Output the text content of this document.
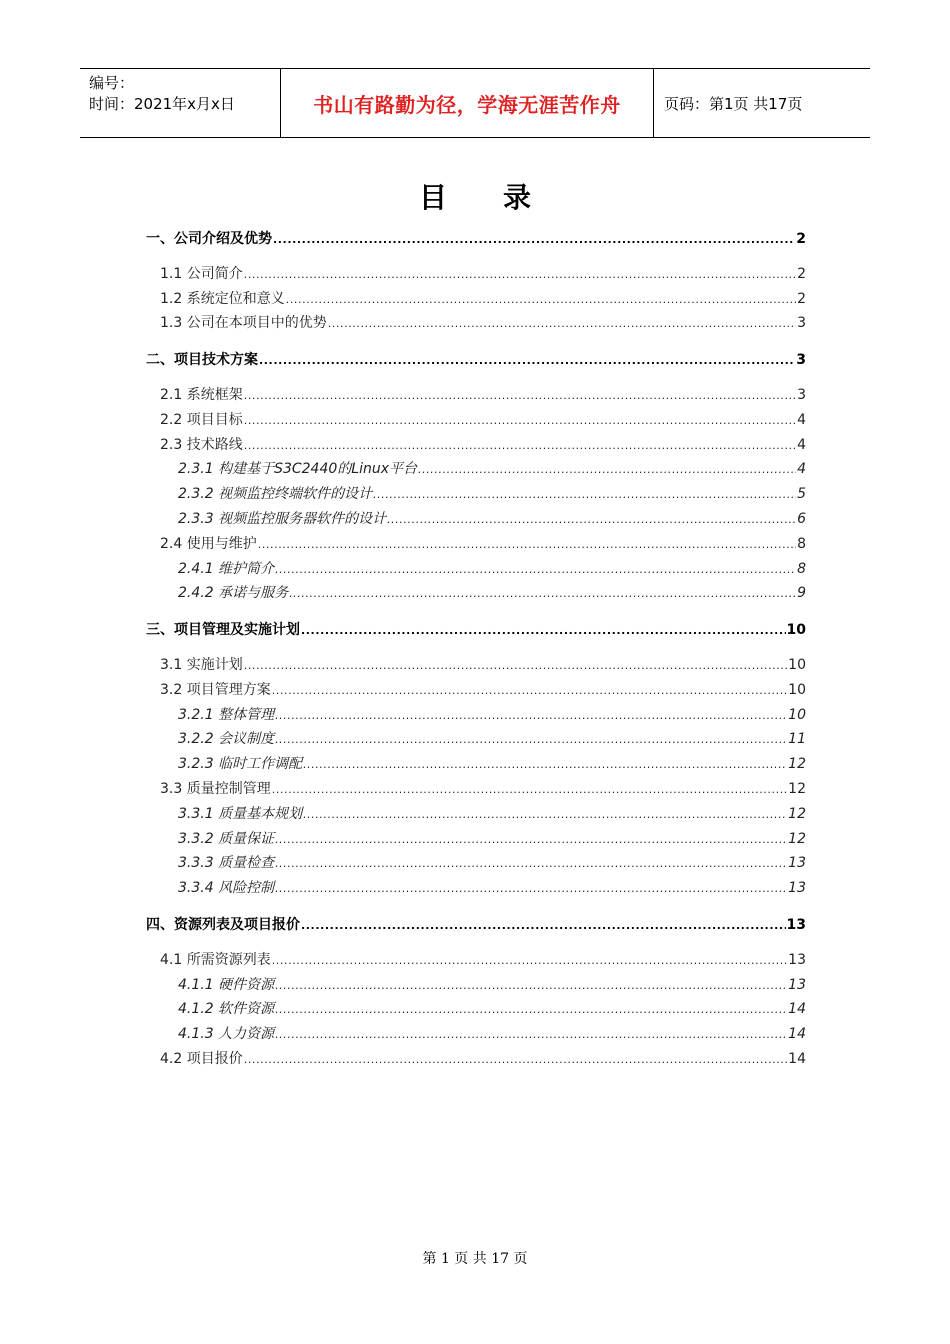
编号：
时间：2021年x月x日	书山有路勤为径，学海无涯苦作舟	页码：第1页 共17页
目 录
一、公司介绍及优势 .....	2
1.1 公司简介 .....	2
1.2 系统定位和意义 .....	2
1.3 公司在本项目中的优势 .....	3
二、项目技术方案 .....	3
2.1 系统框架 .....	3
2.2 项目目标 .....	4
2.3 技术路线 .....	4
2.3.1 构建基于S3C2440的Linux平台 .....	4
2.3.2 视频监控终端软件的设计 .....	5
2.3.3 视频监控服务器软件的设计 .....	6
2.4 使用与维护 .....	8
2.4.1 维护简介 .....	8
2.4.2 承诺与服务 .....	9
三、项目管理及实施计划 .....	10
3.1 实施计划 .....	10
3.2 项目管理方案 .....	10
3.2.1 整体管理 .....	10
3.2.2 会议制度 .....	11
3.2.3 临时工作调配 .....	12
3.3 质量控制管理 .....	12
3.3.1 质量基本规划 .....	12
3.3.2 质量保证 .....	12
3.3.3 质量检查 .....	13
3.3.4 风险控制 .....	13
四、资源列表及项目报价 .....	13
4.1 所需资源列表 .....	13
4.1.1 硬件资源 .....	13
4.1.2 软件资源 .....	14
4.1.3 人力资源 .....	14
4.2 项目报价 .....	14
第 1 页 共 17 页
